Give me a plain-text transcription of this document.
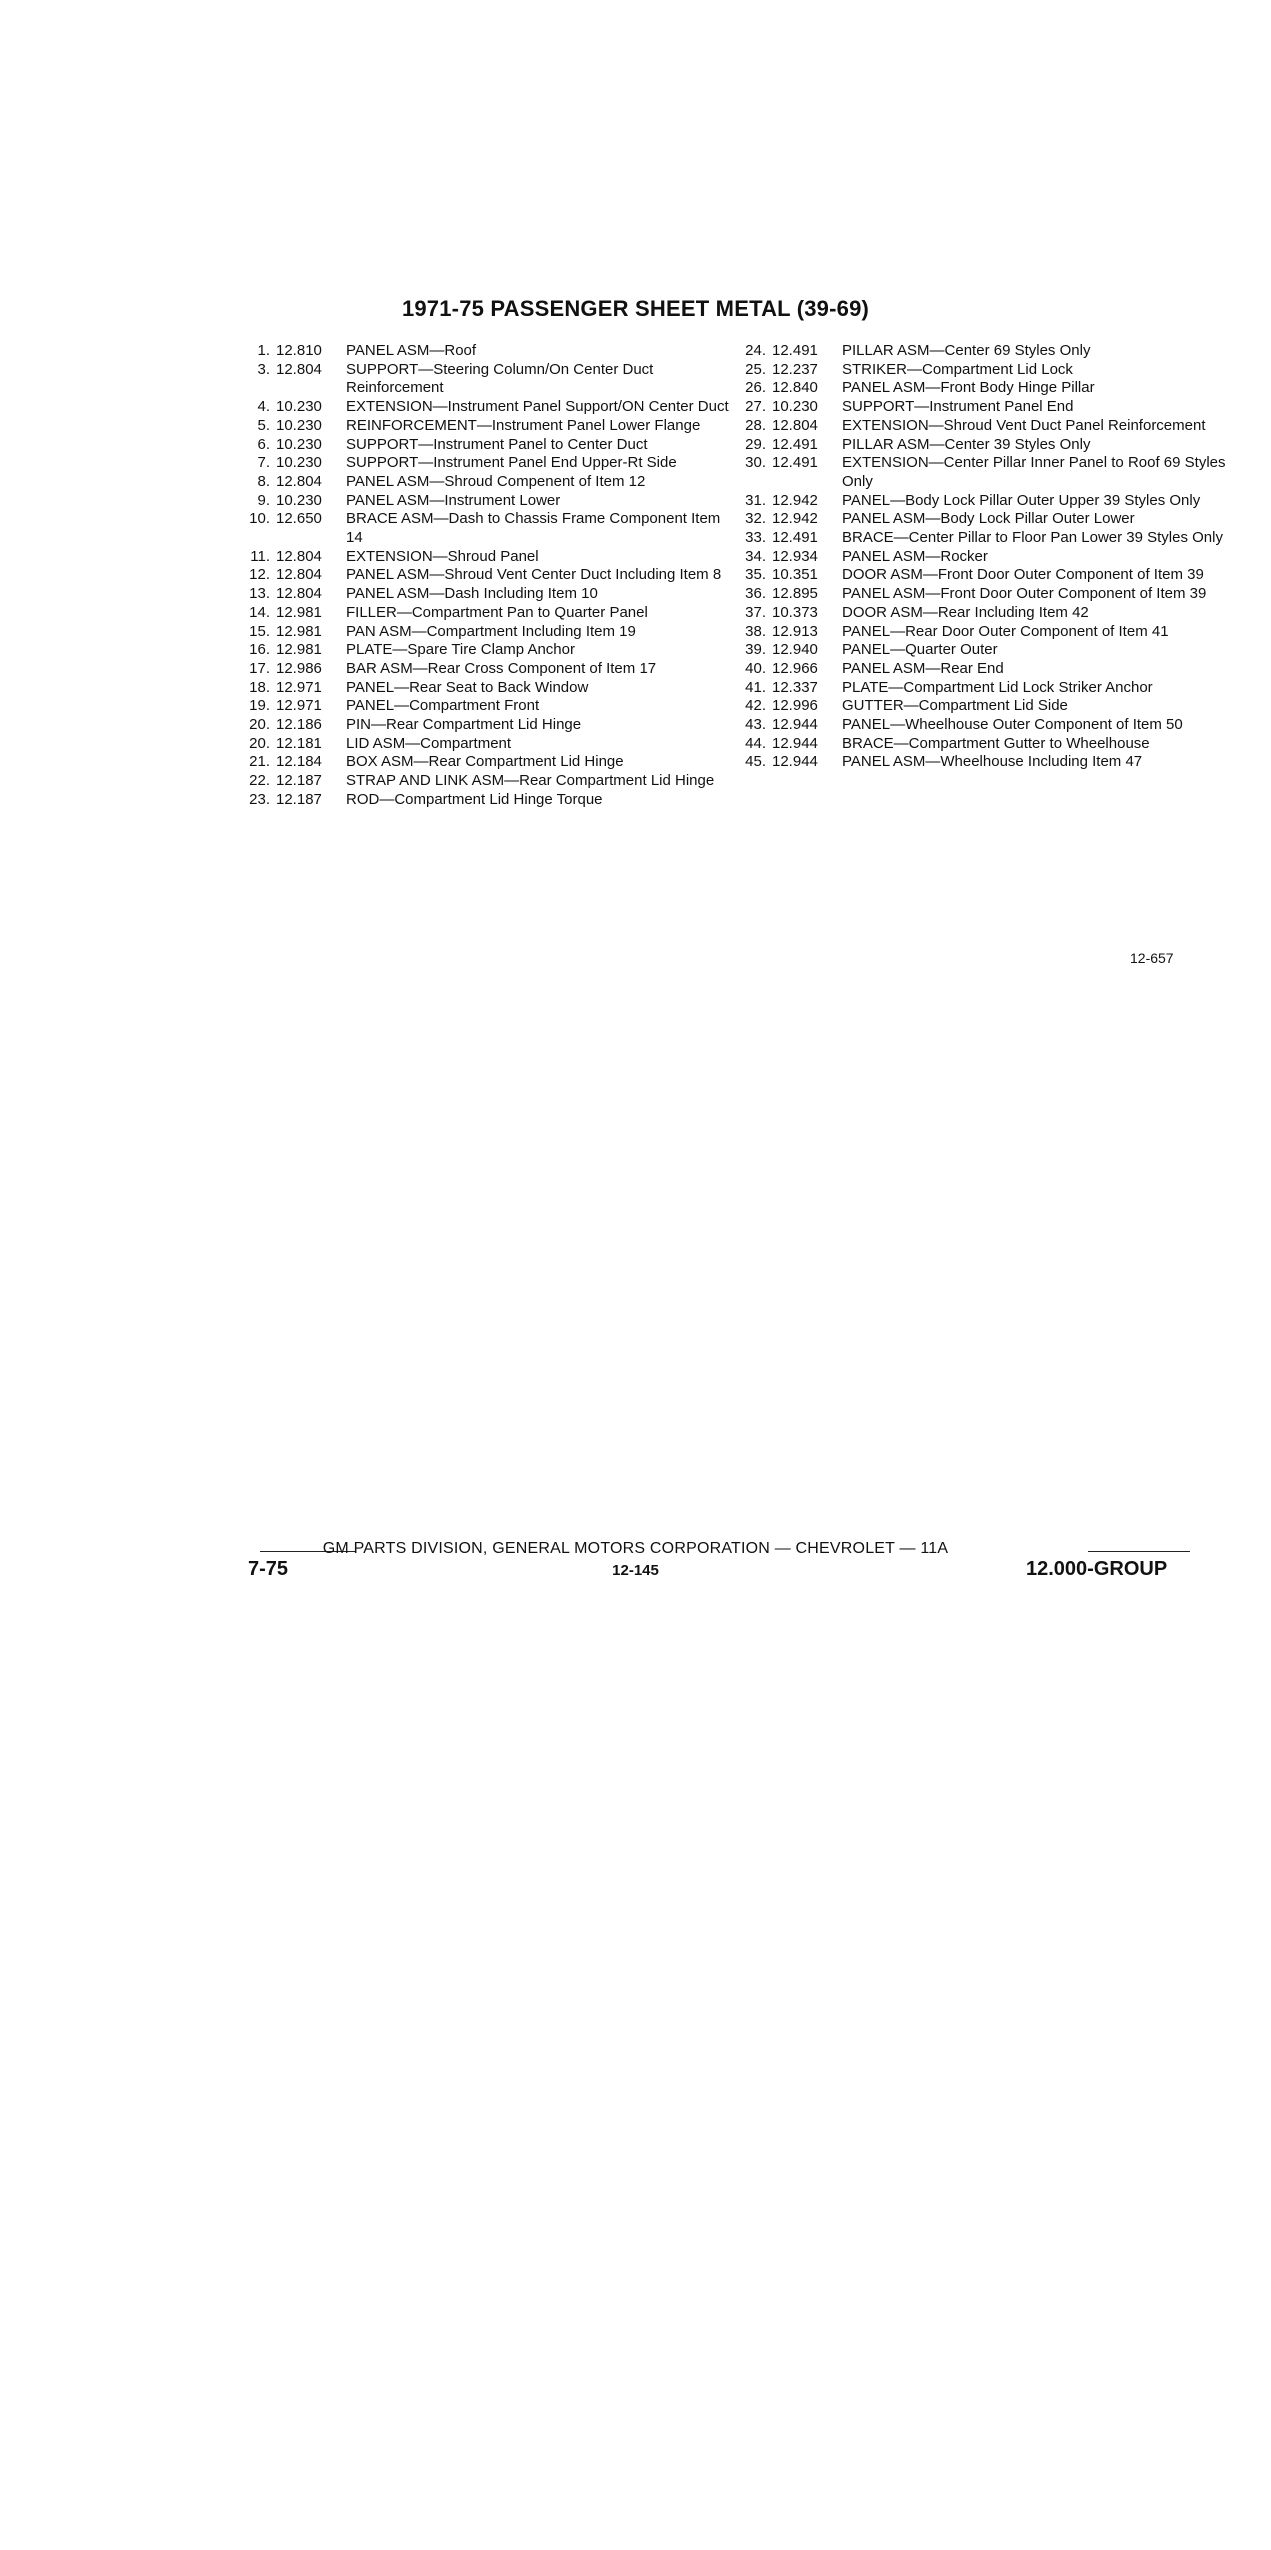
1971-75 PASSENGER SHEET METAL (39-69)
1. 12.810	PANEL ASM—Roof
3. 12.804	SUPPORT—Steering Column/On Center Duct Reinforcement
4. 10.230	EXTENSION—Instrument Panel Support/ON Center Duct
5. 10.230	REINFORCEMENT—Instrument Panel Lower Flange
6. 10.230	SUPPORT—Instrument Panel to Center Duct
7. 10.230	SUPPORT—Instrument Panel End Upper-Rt Side
8. 12.804	PANEL ASM—Shroud Compenent of Item 12
9. 10.230	PANEL ASM—Instrument Lower
10. 12.650	BRACE ASM—Dash to Chassis Frame Component Item 14
11. 12.804	EXTENSION—Shroud Panel
12. 12.804	PANEL ASM—Shroud Vent Center Duct Including Item 8
13. 12.804	PANEL ASM—Dash Including Item 10
14. 12.981	FILLER—Compartment Pan to Quarter Panel
15. 12.981	PAN ASM—Compartment Including Item 19
16. 12.981	PLATE—Spare Tire Clamp Anchor
17. 12.986	BAR ASM—Rear Cross Component of Item 17
18. 12.971	PANEL—Rear Seat to Back Window
19. 12.971	PANEL—Compartment Front
20. 12.186	PIN—Rear Compartment Lid Hinge
20. 12.181	LID ASM—Compartment
21. 12.184	BOX ASM—Rear Compartment Lid Hinge
22. 12.187	STRAP AND LINK ASM—Rear Compartment Lid Hinge
23. 12.187	ROD—Compartment Lid Hinge Torque
24. 12.491	PILLAR ASM—Center 69 Styles Only
25. 12.237	STRIKER—Compartment Lid Lock
26. 12.840	PANEL ASM—Front Body Hinge Pillar
27. 10.230	SUPPORT—Instrument Panel End
28. 12.804	EXTENSION—Shroud Vent Duct Panel Reinforcement
29. 12.491	PILLAR ASM—Center 39 Styles Only
30. 12.491	EXTENSION—Center Pillar Inner Panel to Roof 69 Styles Only
31. 12.942	PANEL—Body Lock Pillar Outer Upper 39 Styles Only
32. 12.942	PANEL ASM—Body Lock Pillar Outer Lower
33. 12.491	BRACE—Center Pillar to Floor Pan Lower 39 Styles Only
34. 12.934	PANEL ASM—Rocker
35. 10.351	DOOR ASM—Front Door Outer Component of Item 39
36. 12.895	PANEL ASM—Front Door Outer Component of Item 39
37. 10.373	DOOR ASM—Rear Including Item 42
38. 12.913	PANEL—Rear Door Outer Component of Item 41
39. 12.940	PANEL—Quarter Outer
40. 12.966	PANEL ASM—Rear End
41. 12.337	PLATE—Compartment Lid Lock Striker Anchor
42. 12.996	GUTTER—Compartment Lid Side
43. 12.944	PANEL—Wheelhouse Outer Component of Item 50
44. 12.944	BRACE—Compartment Gutter to Wheelhouse
45. 12.944	PANEL ASM—Wheelhouse Including Item 47
12-657
GM PARTS DIVISION, GENERAL MOTORS CORPORATION — CHEVROLET — 11A
7-75	12-145	12.000-GROUP
